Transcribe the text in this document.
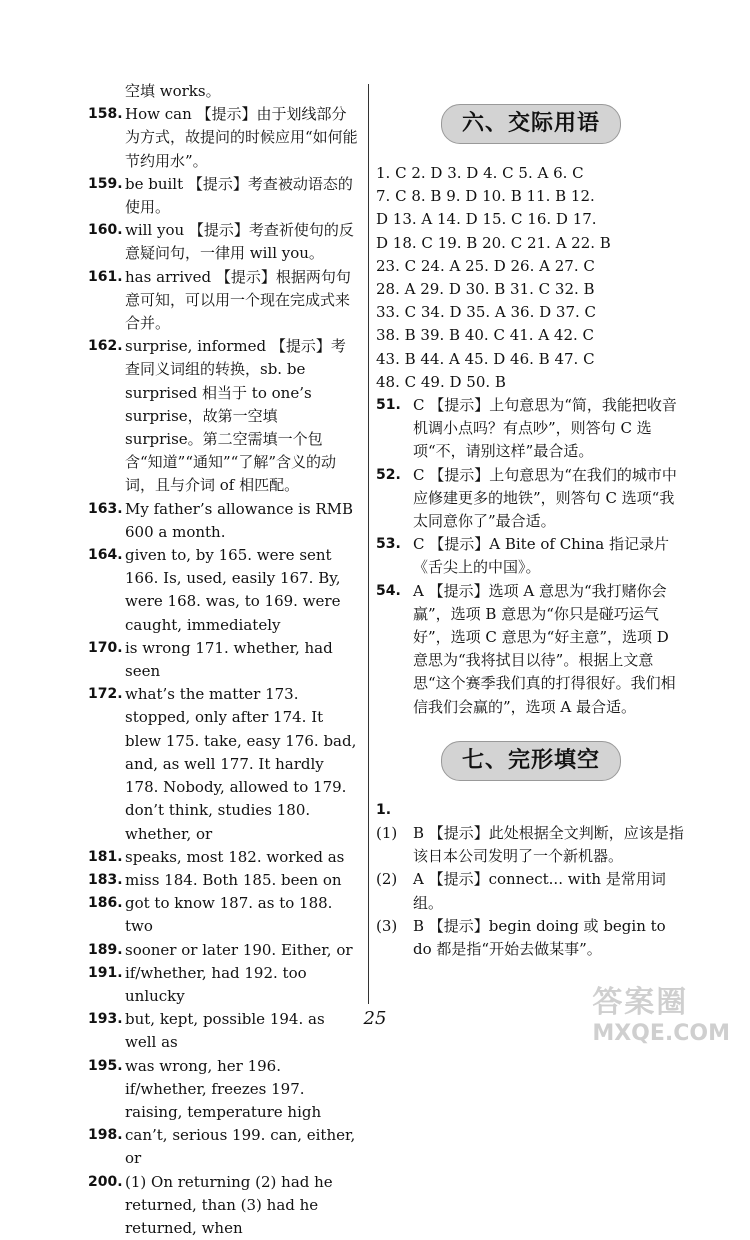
空填 works。
158. How can 【提示】由于划线部分为方式，故提问的时候应用“如何能节约用水”。
159. be built 【提示】考查被动语态的使用。
160. will you 【提示】考查祈使句的反意疑问句，一律用 will you。
161. has arrived 【提示】根据两句句意可知，可以用一个现在完成式来合并。
162. surprise, informed 【提示】考查同义词组的转换，sb. be surprised 相当于 to one’s surprise，故第一空填 surprise。第二空需填一个包含“知道”“通知”“了解”含义的动词，且与介词 of 相匹配。
163. My father’s allowance is RMB 600 a month.
164. given to, by 165. were sent 166. Is, used, easily 167. By, were 168. was, to 169. were caught, immediately
170. is wrong 171. whether, had seen
172. what’s the matter 173. stopped, only after 174. It blew 175. take, easy 176. bad, and, as well 177. It hardly 178. Nobody, allowed to 179. don’t think, studies 180. whether, or
181. speaks, most 182. worked as
183. miss 184. Both 185. been on
186. got to know 187. as to 188. two
189. sooner or later 190. Either, or
191. if/whether, had 192. too unlucky
193. but, kept, possible 194. as well as
195. was wrong, her 196. if/whether, freezes 197. raising, temperature high
198. can’t, serious 199. can, either, or
200. (1) On returning (2) had he returned, than (3) had he returned, when
六、交际用语
1. C 2. D 3. D 4. C 5. A 6. C
7. C 8. B 9. D 10. B 11. B 12.
D 13. A 14. D 15. C 16. D 17.
D 18. C 19. B 20. C 21. A 22. B
23. C 24. A 25. D 26. A 27. C
28. A 29. D 30. B 31. C 32. B
33. C 34. D 35. A 36. D 37. C
38. B 39. B 40. C 41. A 42. C
43. B 44. A 45. D 46. B 47. C
48. C 49. D 50. B
51. C 【提示】上句意思为“简，我能把收音机调小点吗？有点吵”，则答句 C 选项“不，请别这样”最合适。
52. C 【提示】上句意思为“在我们的城市中应修建更多的地铁”，则答句 C 选项“我太同意你了”最合适。
53. C 【提示】A Bite of China 指记录片《舌尖上的中国》。
54. A 【提示】选项 A 意思为“我打赌你会赢”，选项 B 意思为“你只是碰巧运气好”，选项 C 意思为“好主意”，选项 D 意思为“我将拭目以待”。根据上文意思“这个赛季我们真的打得很好。我们相信我们会赢的”，选项 A 最合适。
七、完形填空
1.
(1) B 【提示】此处根据全文判断，应该是指该日本公司发明了一个新机器。
(2) A 【提示】connect... with 是常用词组。
(3) B 【提示】begin doing 或 begin to do 都是指“开始去做某事”。
25	答案圈
MXQE.COM
